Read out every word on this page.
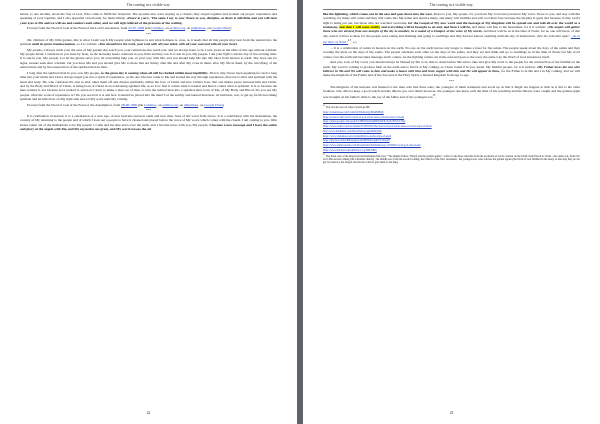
The coming in a visible way.

hearts, to one another, about the Son of God, Who came to fulfill the Scripture. The apostles also were staying as a cluster; they stayed together and worked out prayer, repentance and speaking of God together, and I also appeared victoriously for them telling: «Peace to you!». The same I say to you: Peace to you, disciples, as there is still little and you will turn your eyes to Me and we will see and comfort each other, and we will sigh relieved of the pressure of the waiting.

Excerpt from the Word of God at the Feast of the Lord's Ascension, from 23-05-1996 (On Calameo, on archive.org, on jumpshare, on Google Drive)

***

Oh, children of My little garden, this is what I said: teach My people what lightness is and what holiness is, sons, as it needs that all this people may turn from the natural into the spiritual until its great transformation, so it is written: «You should love the Lord, your God with all your mind, with all your soul and with all your heart.

My people, I always teach you; the sons of My garden also teach you, your centurions also teach you, and we always learn to be a new yeast on the table of this age without wisdom. My people Israel, I celebrate in you feast by feast, as the heavenly feasts celebrate in you, little and tiny son. It is sun in you, My people. I am your light; I am the day of the evening time. It is sun in you, My people. Let all the ghosts serve you; let everything help you on your way with Me, and you should help Me into My labor from heaven to earth. The Jews ask for signs, Greeks seek after wisdom, but you have Me and you should give Me to those that are thirsty after Me and after My cross in them, after My life in them, by the crucifying of the natural man and by the resurrection of the spiritual man in man.

I long after the spiritual man in you, son, My people, as the great day is coming when all will be clothed within incorruptibility. That is why I have been speaking for such a long time into your midst and I have always urged you into a spirit of repentance, as the one who has come to Me and started his way through repentance, that one is alive and spiritual with his heart and body. He, who confesses his sins as sins, takes them off and dresses spiritually within the love of Christ and into Christ's love; that one makes peace between him and Christ, and by the Body and Blood of Christ, is being born of Christ in an everlasting spiritual life, as so it is: first it comes what is natural and then it comes what is spiritual. It is so because the man wanted it, not because God wanted it, and now I have to make a man out of man, to turn the natural man into a spiritual man, born of Me, of My Body and Blood. Do you see My people, what the work of repentance is? Do you see how it is and how it should be placed into the man? Let the earthly and natural man hear, let him hear, son, to get up for his becoming spiritual and let him draw on My right side and eat My word until My coming.

Excerpt from the Word of God at the Feast of the Assumption, from 28-08-1996 (On Calameo, on archive.org, on jumpshare, on Google Drive)

***

It is celebration in heaven; it is a celebration of a new age, of new heavens and new earth and new man, born of the word from above. It is a celebration with the Romanians, the country of My returning to the people and of which I took out a people to have it cleaned and placed before the voice of My word, which comes with the clouds. I am coming to you, little Israel, taken out of the Romanians to be My people. I come and become news over the earth, and I become news with you, My people. I become a new message and I have the saints and glory of the angels with Me, and My mysteries are great, and My word crosses the air

22
The coming in a visible way.

like the lightning, which comes out in the east and goes down into the west. Peace to you, My people, for you have My word and you know My voice. Peace to you, and stay with Me watching, for many will come and they will come into My name and deceive many, and many will stumble and will cool their love because the iniquity is great and because of this, God's light is being put out, but those who are watched overcome, for the Gospel of My new word and the message of My kingdom will be spread out and told all over the world as a testimony, and then I will come visibly and everything will be brought to an end, and then I will be, and many will flee to the mountains, for it is written: «My angels will gather those who are elected from one margin of the sky to another, in a sound of a trumpet, at the voice of My words, and there will be as in the time of Noah, for no one will know of that day. And it will be as then, for the people were eating and drinking and going to weddings and they had not known anything until the day of destruction. (See the selection topic: „As in the days of Noah”$^{13}$. ».)

... It is a celebration of saints in heaven on the earth. No one on the earth knows any longer to make a feast for the saints. The people speak about the days of the saints and they worship the idols on the days of the saints. The people celebrate each other on the days of the saints, and they eat and drink and go to weddings as in the time of Noah, but My word comes over the earth and becomes message and it comes. As the fighting comes out in the east and goes to the west, the same way the Word of God announces itself.

And you, sons of My word, you should always be blessed by Me to be able to stand before Me and to take and give My word to the people for the resurrection of the faithful on the earth. My word is coming to produce faith on the earth and to find it at My coming, as I have found it in you, Israel, My faithful people, for it is written: «My Father loves the one who believes in Me and We will come to him and make a house with him and have supper with him and He will appear to him», for the Father is in Me and I in My coming, and we will make the kingdom of the Father and of the Son and of the Holy Spirit, a blessed kingdom from age to age.

***

The kingdom of the heavens was likened to the man who had three sons; the youngest of them wandered and stood up as that it might not happen to him as it did to his older brothers, who did not keep a good watch and the thieves got over them; however, the youngest one knew well the time of his watching and the thieves were caught and the golden apple was brought on his father's table to the joy of the father and of the youngest son$^{15}$.

$^{13}$ You can also see on: https://youtu.gs/J9U

https://paperphase.com/v/sharfof/D9AGzQy8xlaBdB4Q

https://probes.com/cover/v/word-of-god-about-seen-as-in-the-days-of-noah

https://drive.google.com/open?id=0B0V9eiUq2RPmb0t3UVpSvE0UzVJZQ

https://www.scribd.com/document/311876250/The-Word-of-God-about-seen-as-in-the-days-of-Noah

http://www.mediafire.com/file/a432acyypghe6mh/gtlh

https://www.slideshare.net/cuvantullilui/as-in-the-days-of-noah

https://app.box.com/s/8zkojogtssyusfq85b6n1plqkh7lcs2nzn8

https://www.authorstream.com/Presentation/thebibleforeye-4250620-word-god-days-noah/

https://www.dobatal.com/sdfatisz/s/1-g/f2PUOHq

$^{15}$ The three sons of the king from the Romanian folk story "The mighty Prince, Flyleaf and the golden apples" / refers to the three churches from the evolution of God's creation on the Earth: from Enoch to Christ - the oldest son; from Christ to His second coming (the Christian church) - the middle son; from the second coming, the Church of the New Jerusalem - the youngest son, who watches the golden apples (the Word of God fulfilled in the man), so that they may no longer be stolen by the dragon and that he could to give them to the king.

23
